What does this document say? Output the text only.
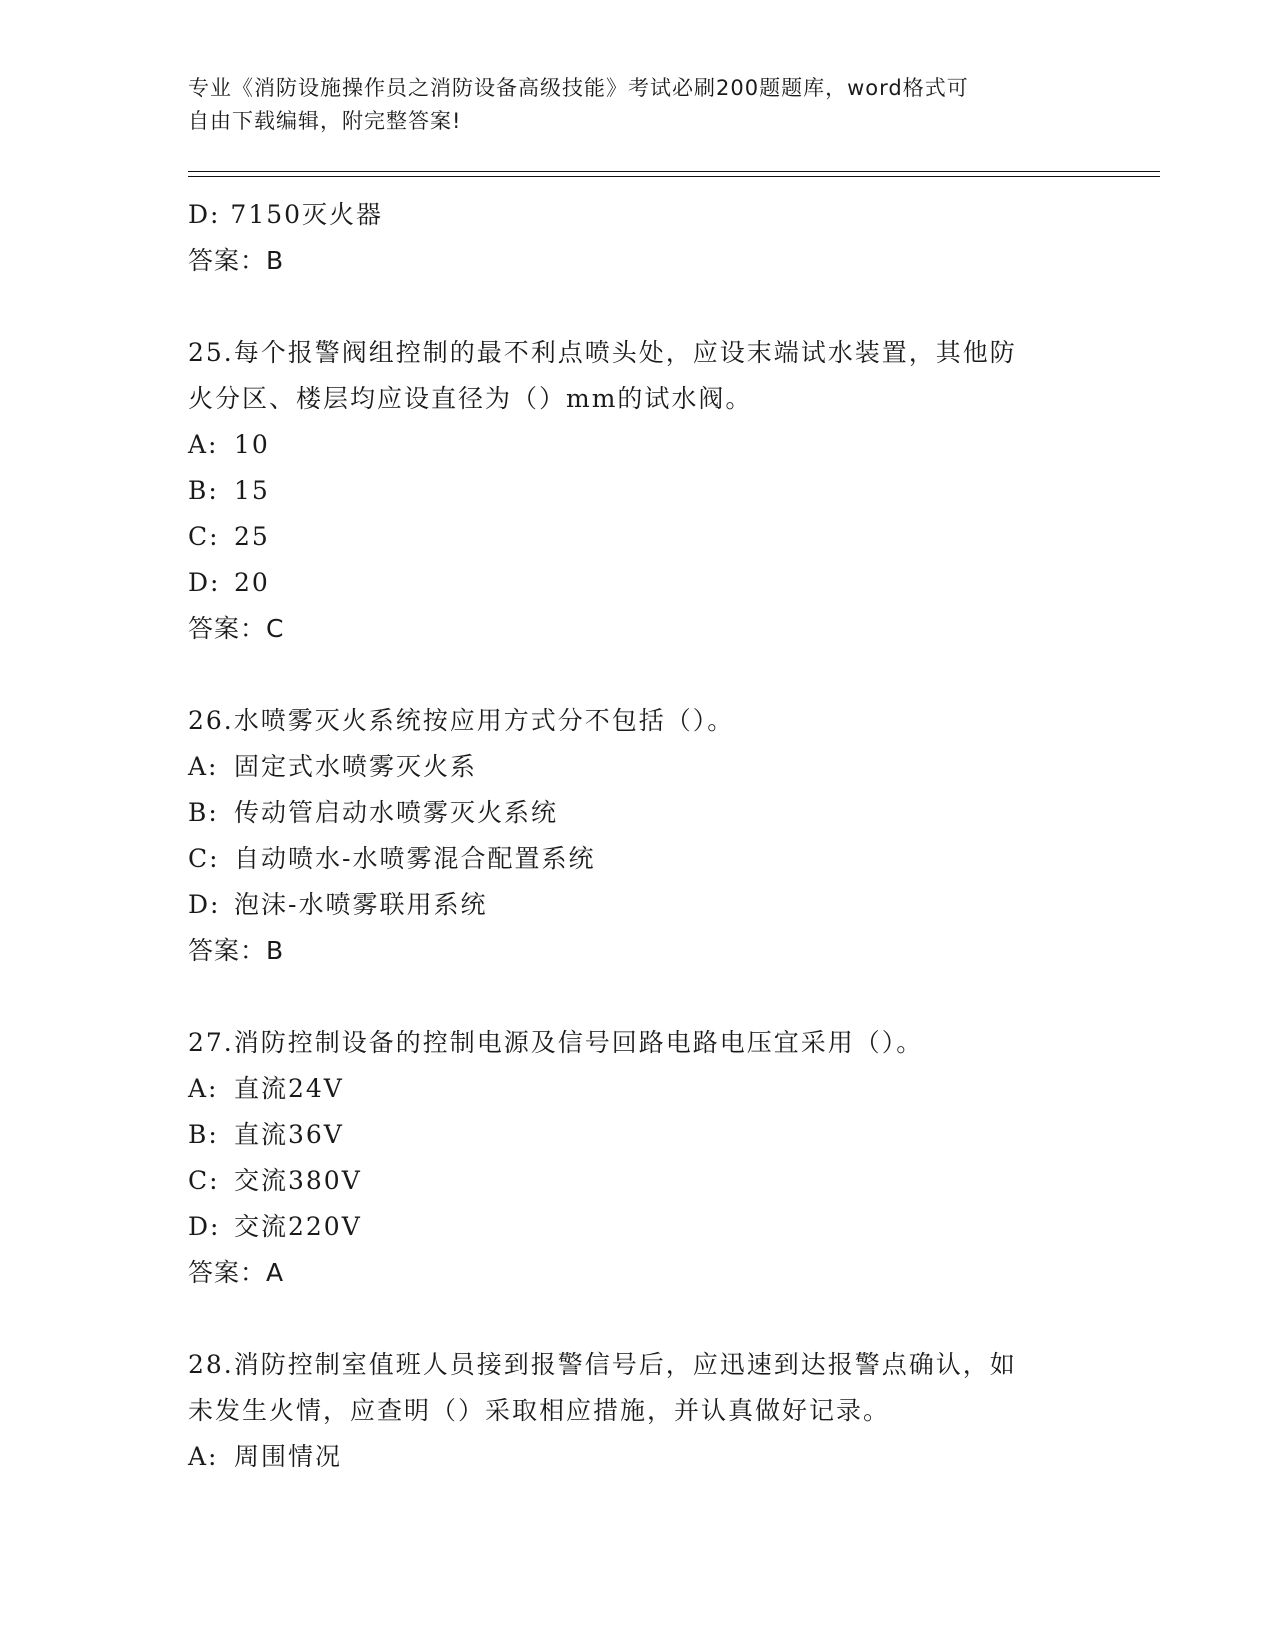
专业《消防设施操作员之消防设备高级技能》考试必刷200题题库，word格式可
自由下载编辑，附完整答案!
D: 7150灭火器
答案：B
25.每个报警阀组控制的最不利点喷头处，应设末端试水装置，其他防
火分区、楼层均应设直径为（）mm的试水阀。
A: 10
B: 15
C: 25
D: 20
答案：C
26.水喷雾灭火系统按应用方式分不包括（）。
A: 固定式水喷雾灭火系
B: 传动管启动水喷雾灭火系统
C: 自动喷水-水喷雾混合配置系统
D: 泡沫-水喷雾联用系统
答案：B
27.消防控制设备的控制电源及信号回路电路电压宜采用（）。
A: 直流24V
B: 直流36V
C: 交流380V
D: 交流220V
答案：A
28.消防控制室值班人员接到报警信号后，应迅速到达报警点确认，如
未发生火情，应查明（）采取相应措施，并认真做好记录。
A: 周围情况
